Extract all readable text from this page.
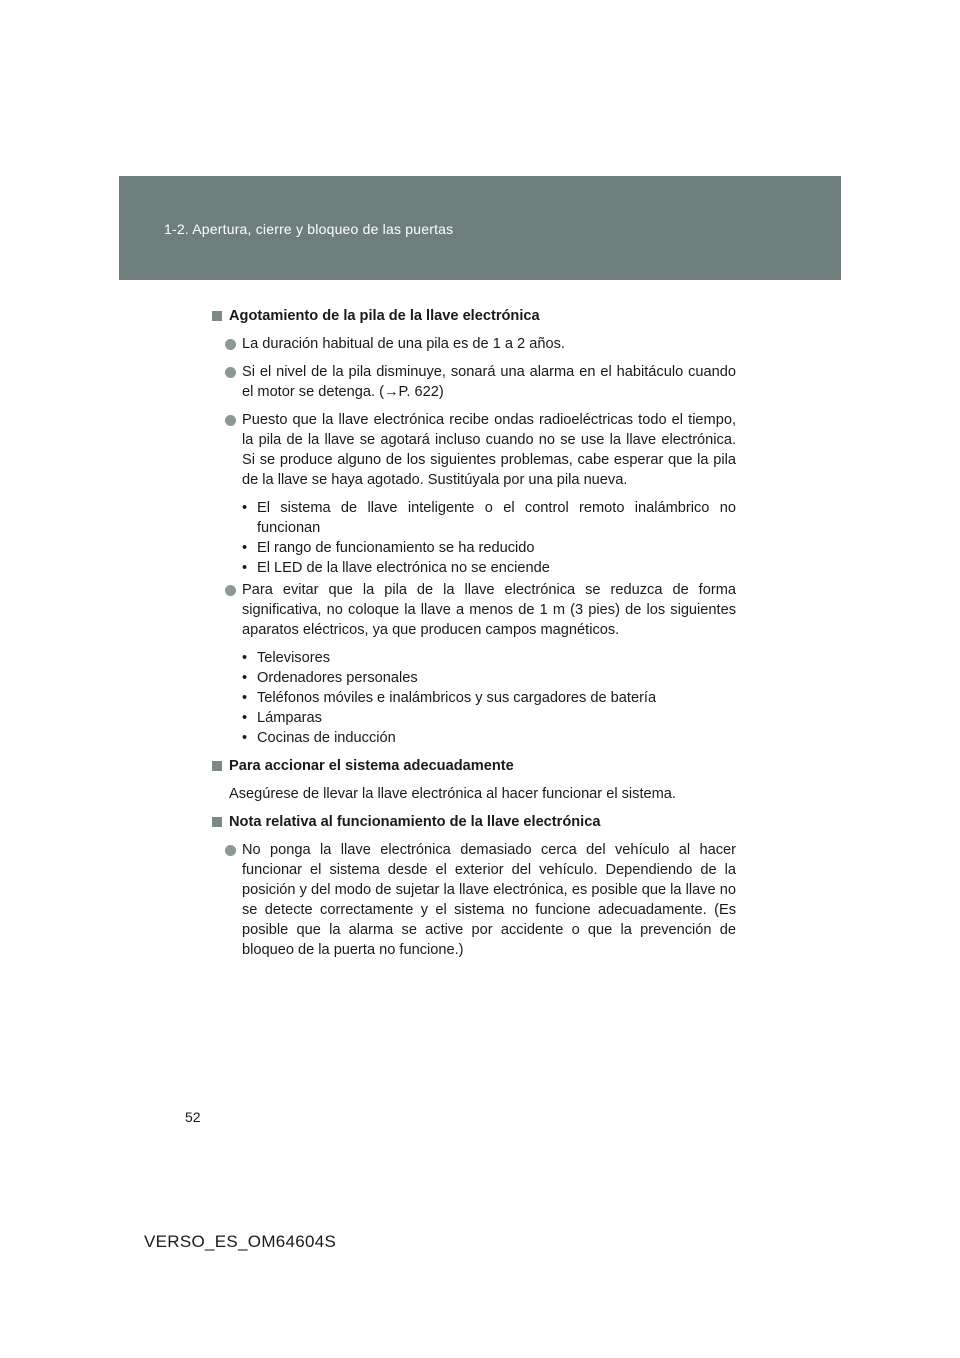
1-2. Apertura, cierre y bloqueo de las puertas
Agotamiento de la pila de la llave electrónica
La duración habitual de una pila es de 1 a 2 años.
Si el nivel de la pila disminuye, sonará una alarma en el habitáculo cuando el motor se detenga. (→P. 622)
Puesto que la llave electrónica recibe ondas radioeléctricas todo el tiempo, la pila de la llave se agotará incluso cuando no se use la llave electrónica. Si se produce alguno de los siguientes problemas, cabe esperar que la pila de la llave se haya agotado. Sustitúyala por una pila nueva.
• El sistema de llave inteligente o el control remoto inalámbrico no funcionan
• El rango de funcionamiento se ha reducido
• El LED de la llave electrónica no se enciende
Para evitar que la pila de la llave electrónica se reduzca de forma significativa, no coloque la llave a menos de 1 m (3 pies) de los siguientes aparatos eléctricos, ya que producen campos magnéticos.
• Televisores
• Ordenadores personales
• Teléfonos móviles e inalámbricos y sus cargadores de batería
• Lámparas
• Cocinas de inducción
Para accionar el sistema adecuadamente
Asegúrese de llevar la llave electrónica al hacer funcionar el sistema.
Nota relativa al funcionamiento de la llave electrónica
No ponga la llave electrónica demasiado cerca del vehículo al hacer funcionar el sistema desde el exterior del vehículo. Dependiendo de la posición y del modo de sujetar la llave electrónica, es posible que la llave no se detecte correctamente y el sistema no funcione adecuadamente. (Es posible que la alarma se active por accidente o que la prevención de bloqueo de la puerta no funcione.)
52
VERSO_ES_OM64604S
